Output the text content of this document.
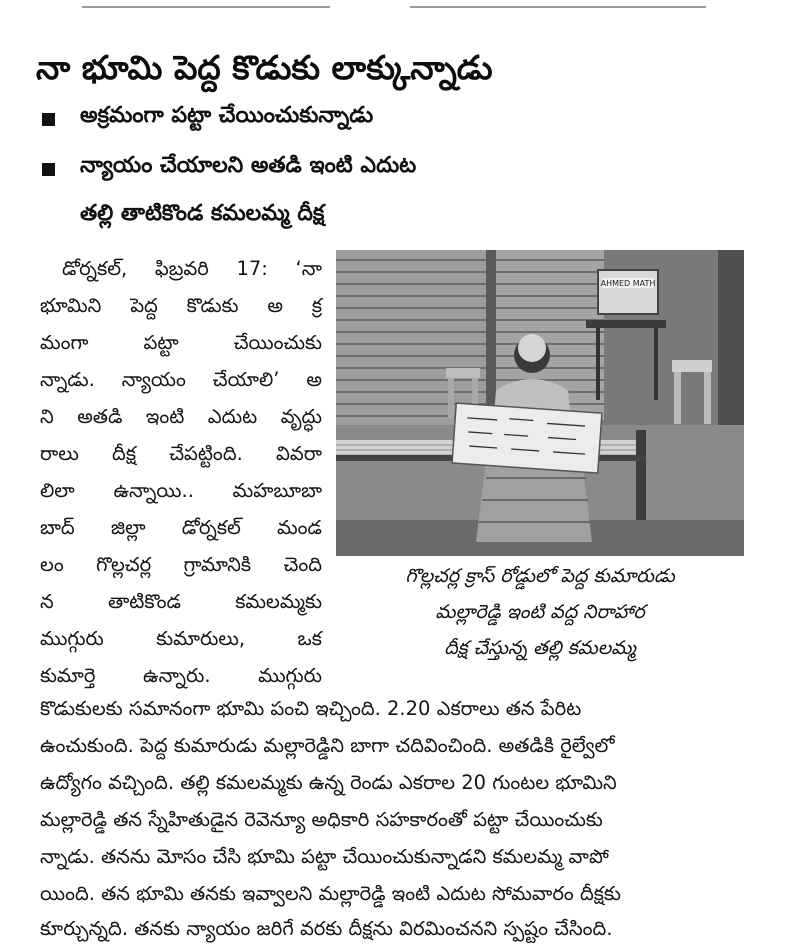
నా భూమి పెద్ద కొడుకు లాక్కున్నాడు
అక్రమంగా పట్టా చేయించుకున్నాడు
న్యాయం చేయాలని అతడి ఇంటి ఎదుట
తల్లి తాటికొండ కమలమ్మ దీక్ష
డోర్నకల్, ఫిబ్రవరి 17: ‘నా
భూమిని పెద్ద కొడుకు అ క్ర
మంగా పట్టా చేయించుకు
న్నాడు. న్యాయం చేయాలి’ అ
ని అతడి ఇంటి ఎదుట వృద్ధు
రాలు దీక్ష చేపట్టింది. వివరా
లిలా ఉన్నాయి.. మహబూబా
బాద్ జిల్లా డోర్నకల్ మండ
లం గొల్లచర్ల గ్రామానికి చెంది
న తాటికొండ కమలమ్మకు
ముగ్గురు కుమారులు, ఒక
కుమార్తె ఉన్నారు. ముగ్గురు
AHMED MATH
గొల్లచర్ల క్రాస్ రోడ్డులో పెద్ద కుమారుడు
మల్లారెడ్డి ఇంటి వద్ద నిరాహార
దీక్ష చేస్తున్న తల్లి కమలమ్మ
కొడుకులకు సమానంగా భూమి పంచి ఇచ్చింది. 2.20 ఎకరాలు తన పేరిట
ఉంచుకుంది. పెద్ద కుమారుడు మల్లారెడ్డిని బాగా చదివించింది. అతడికి రైల్వేలో
ఉద్యోగం వచ్చింది. తల్లి కమలమ్మకు ఉన్న రెండు ఎకరాల 20 గుంటల భూమిని
మల్లారెడ్డి తన స్నేహితుడైన రెవెన్యూ అధికారి సహకారంతో పట్టా చేయించుకు
న్నాడు. తనను మోసం చేసి భూమి పట్టా చేయించుకున్నాడని కమలమ్మ వాపో
యింది. తన భూమి తనకు ఇవ్వాలని మల్లారెడ్డి ఇంటి ఎదుట సోమవారం దీక్షకు
కూర్చున్నది. తనకు న్యాయం జరిగే వరకు దీక్షను విరమించనని స్పష్టం చేసింది.
